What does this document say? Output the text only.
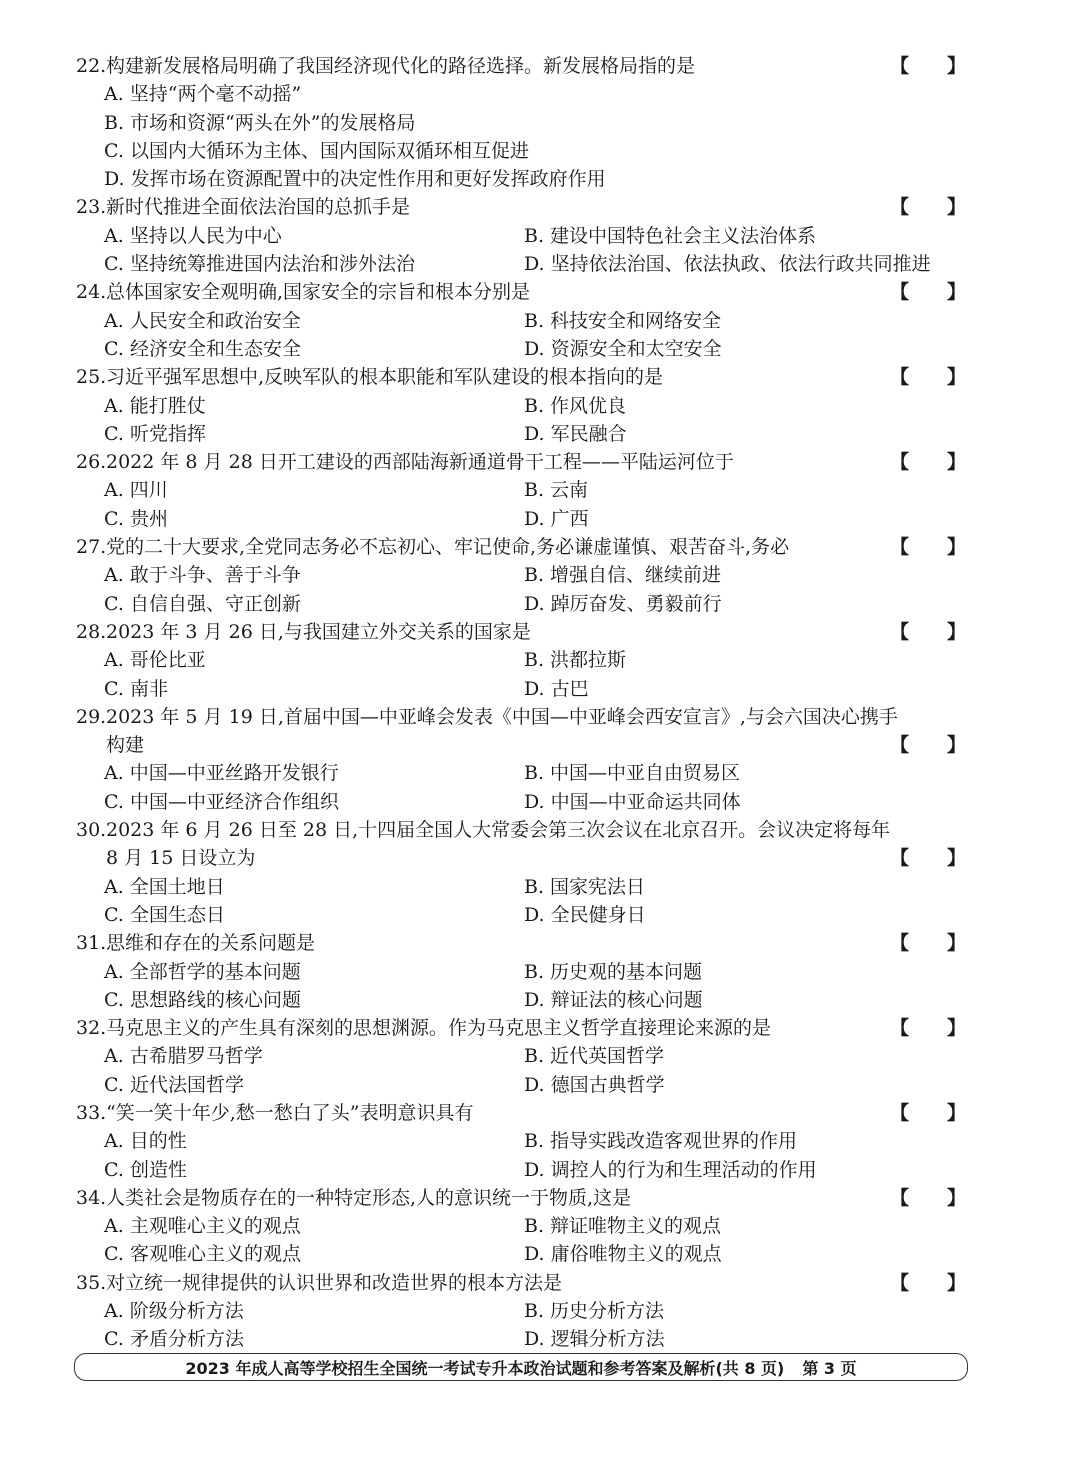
22.构建新发展格局明确了我国经济现代化的路径选择。新发展格局指的是	【　　】
A. 坚持“两个毫不动摇”
B. 市场和资源“两头在外”的发展格局
C. 以国内大循环为主体、国内国际双循环相互促进
D. 发挥市场在资源配置中的决定性作用和更好发挥政府作用
23.新时代推进全面依法治国的总抓手是	【　　】
A. 坚持以人民为中心	B. 建设中国特色社会主义法治体系
C. 坚持统筹推进国内法治和涉外法治	D. 坚持依法治国、依法执政、依法行政共同推进
24.总体国家安全观明确,国家安全的宗旨和根本分别是	【　　】
A. 人民安全和政治安全	B. 科技安全和网络安全
C. 经济安全和生态安全	D. 资源安全和太空安全
25.习近平强军思想中,反映军队的根本职能和军队建设的根本指向的是	【　　】
A. 能打胜仗	B. 作风优良
C. 听党指挥	D. 军民融合
26.2022 年 8 月 28 日开工建设的西部陆海新通道骨干工程——平陆运河位于	【　　】
A. 四川	B. 云南
C. 贵州	D. 广西
27.党的二十大要求,全党同志务必不忘初心、牢记使命,务必谦虚谨慎、艰苦奋斗,务必	【　　】
A. 敢于斗争、善于斗争	B. 增强自信、继续前进
C. 自信自强、守正创新	D. 踔厉奋发、勇毅前行
28.2023 年 3 月 26 日,与我国建立外交关系的国家是	【　　】
A. 哥伦比亚	B. 洪都拉斯
C. 南非	D. 古巴
29.2023 年 5 月 19 日,首届中国—中亚峰会发表《中国—中亚峰会西安宣言》,与会六国决心携手
构建	【　　】
A. 中国—中亚丝路开发银行	B. 中国—中亚自由贸易区
C. 中国—中亚经济合作组织	D. 中国—中亚命运共同体
30.2023 年 6 月 26 日至 28 日,十四届全国人大常委会第三次会议在北京召开。会议决定将每年
8 月 15 日设立为	【　　】
A. 全国土地日	B. 国家宪法日
C. 全国生态日	D. 全民健身日
31.思维和存在的关系问题是	【　　】
A. 全部哲学的基本问题	B. 历史观的基本问题
C. 思想路线的核心问题	D. 辩证法的核心问题
32.马克思主义的产生具有深刻的思想渊源。作为马克思主义哲学直接理论来源的是	【　　】
A. 古希腊罗马哲学	B. 近代英国哲学
C. 近代法国哲学	D. 德国古典哲学
33.“笑一笑十年少,愁一愁白了头”表明意识具有	【　　】
A. 目的性	B. 指导实践改造客观世界的作用
C. 创造性	D. 调控人的行为和生理活动的作用
34.人类社会是物质存在的一种特定形态,人的意识统一于物质,这是	【　　】
A. 主观唯心主义的观点	B. 辩证唯物主义的观点
C. 客观唯心主义的观点	D. 庸俗唯物主义的观点
35.对立统一规律提供的认识世界和改造世界的根本方法是	【　　】
A. 阶级分析方法	B. 历史分析方法
C. 矛盾分析方法	D. 逻辑分析方法
2023 年成人高等学校招生全国统一考试专升本政治试题和参考答案及解析(共 8 页) 第 3 页
